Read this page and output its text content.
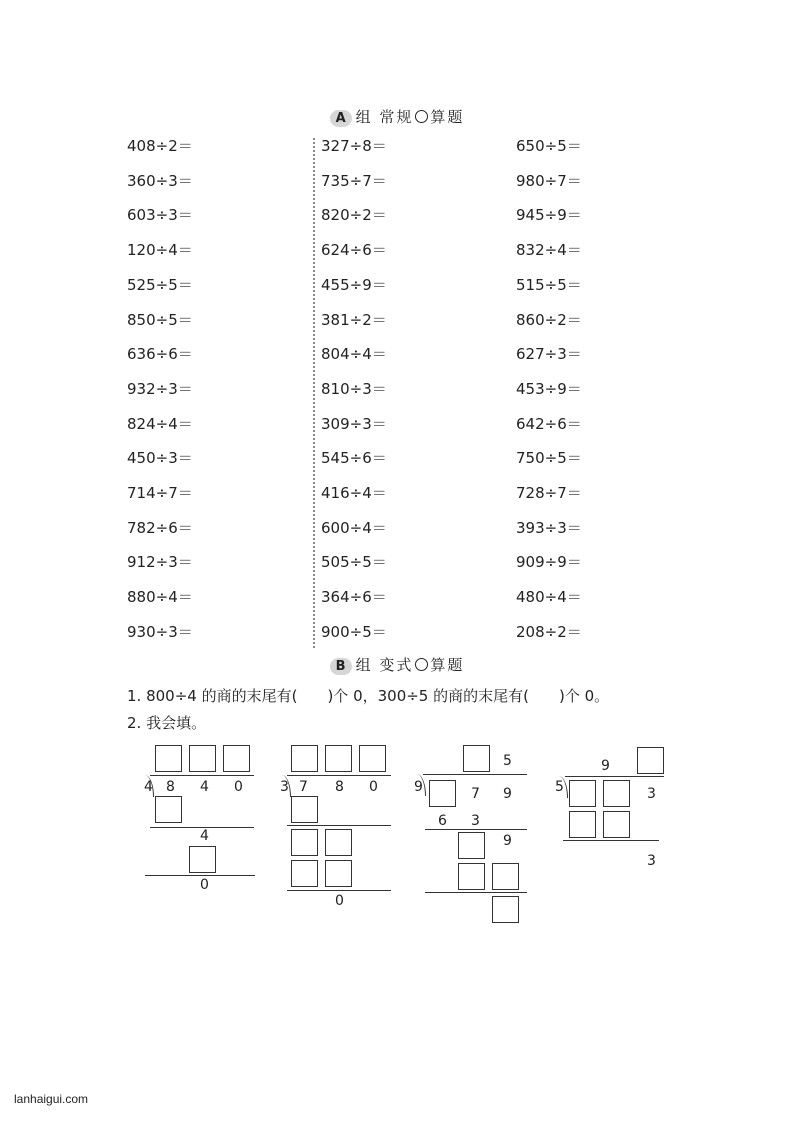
A 组 常规 算题
408÷2＝
360÷3＝
603÷3＝
120÷4＝
525÷5＝
850÷5＝
636÷6＝
932÷3＝
824÷4＝
450÷3＝
714÷7＝
782÷6＝
912÷3＝
880÷4＝
930÷3＝
327÷8＝
735÷7＝
820÷2＝
624÷6＝
455÷9＝
381÷2＝
804÷4＝
810÷3＝
309÷3＝
545÷6＝
416÷4＝
600÷4＝
505÷5＝
364÷6＝
900÷5＝
650÷5＝
980÷7＝
945÷9＝
832÷4＝
515÷5＝
860÷2＝
627÷3＝
453÷9＝
642÷6＝
750÷5＝
728÷7＝
393÷3＝
909÷9＝
480÷4＝
208÷2＝
B 组 变式 算题
1. 800÷4 的商的末尾有(　　)个 0，300÷5 的商的末尾有(　　)个 0。
2. 我会填。
4 8 4 0
4
0
3 7 8 0
0
5
9	7 9
6 3
9
9
5	3
3
lanhaigui.com
